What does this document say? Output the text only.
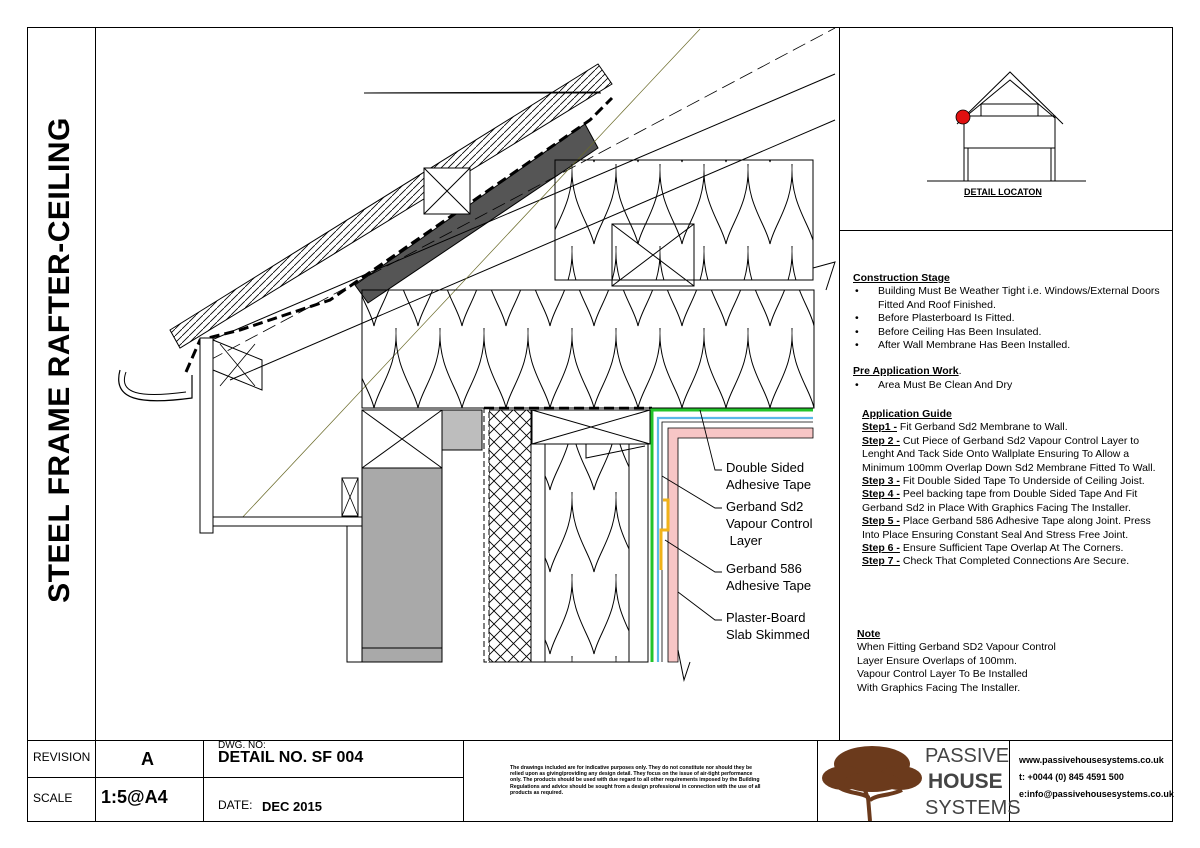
STEEL FRAME RAFTER-CEILING	DETAIL LOCATON
Construction Stage
• Building Must Be Weather Tight i.e. Windows/External Doors Fitted And Roof Finished.
• Before Plasterboard Is Fitted.
• Before Ceiling Has Been Insulated.
• After Wall Membrane Has Been Installed.
Pre Application Work.
• Area Must Be Clean And Dry
Application Guide
Step1 - Fit Gerband Sd2 Membrane to Wall.
Step 2 - Cut Piece of Gerband Sd2 Vapour Control Layer to Lenght And Tack Side Onto Wallplate Ensuring To Allow a Minimum 100mm Overlap Down Sd2 Membrane Fitted To Wall.
Step 3 - Fit Double Sided Tape To Underside of Ceiling Joist.
Step 4 - Peel backing tape from Double Sided Tape And Fit Gerband Sd2 in Place With Graphics Facing The Installer.
Step 5 - Place Gerband 586 Adhesive Tape along Joint. Press Into Place Ensuring Constant Seal And Stress Free Joint.
Step 6 - Ensure Sufficient Tape Overlap At The Corners.
Step 7 - Check That Completed Connections Are Secure.
Note
When Fitting Gerband SD2 Vapour Control
Layer Ensure Overlaps of 100mm.
Vapour Control Layer To Be Installed
With Graphics Facing The Installer.
Double Sided
Adhesive Tape
Gerband Sd2
Vapour Control
Layer
Gerband 586
Adhesive Tape
Plaster-Board
Slab Skimmed
REVISION	A
SCALE 1:5@A4
DWG. NO:
DETAIL NO. SF 004
DATE: DEC 2015
The drawings included are for indicative purposes only. They do not constitute nor should they be relied upon as giving/providing any design detail. They focus on the issue of air-tight performance only. The products should be used with due regard to all other requirements imposed by the Building Regulations and advice should be sought from a design professional in connection with the use of all products as required.
PASSIVE
HOUSE
SYSTEMS
www.passivehousesystems.co.uk
t: +0044 (0) 845 4591 500
e:info@passivehousesystems.co.uk
